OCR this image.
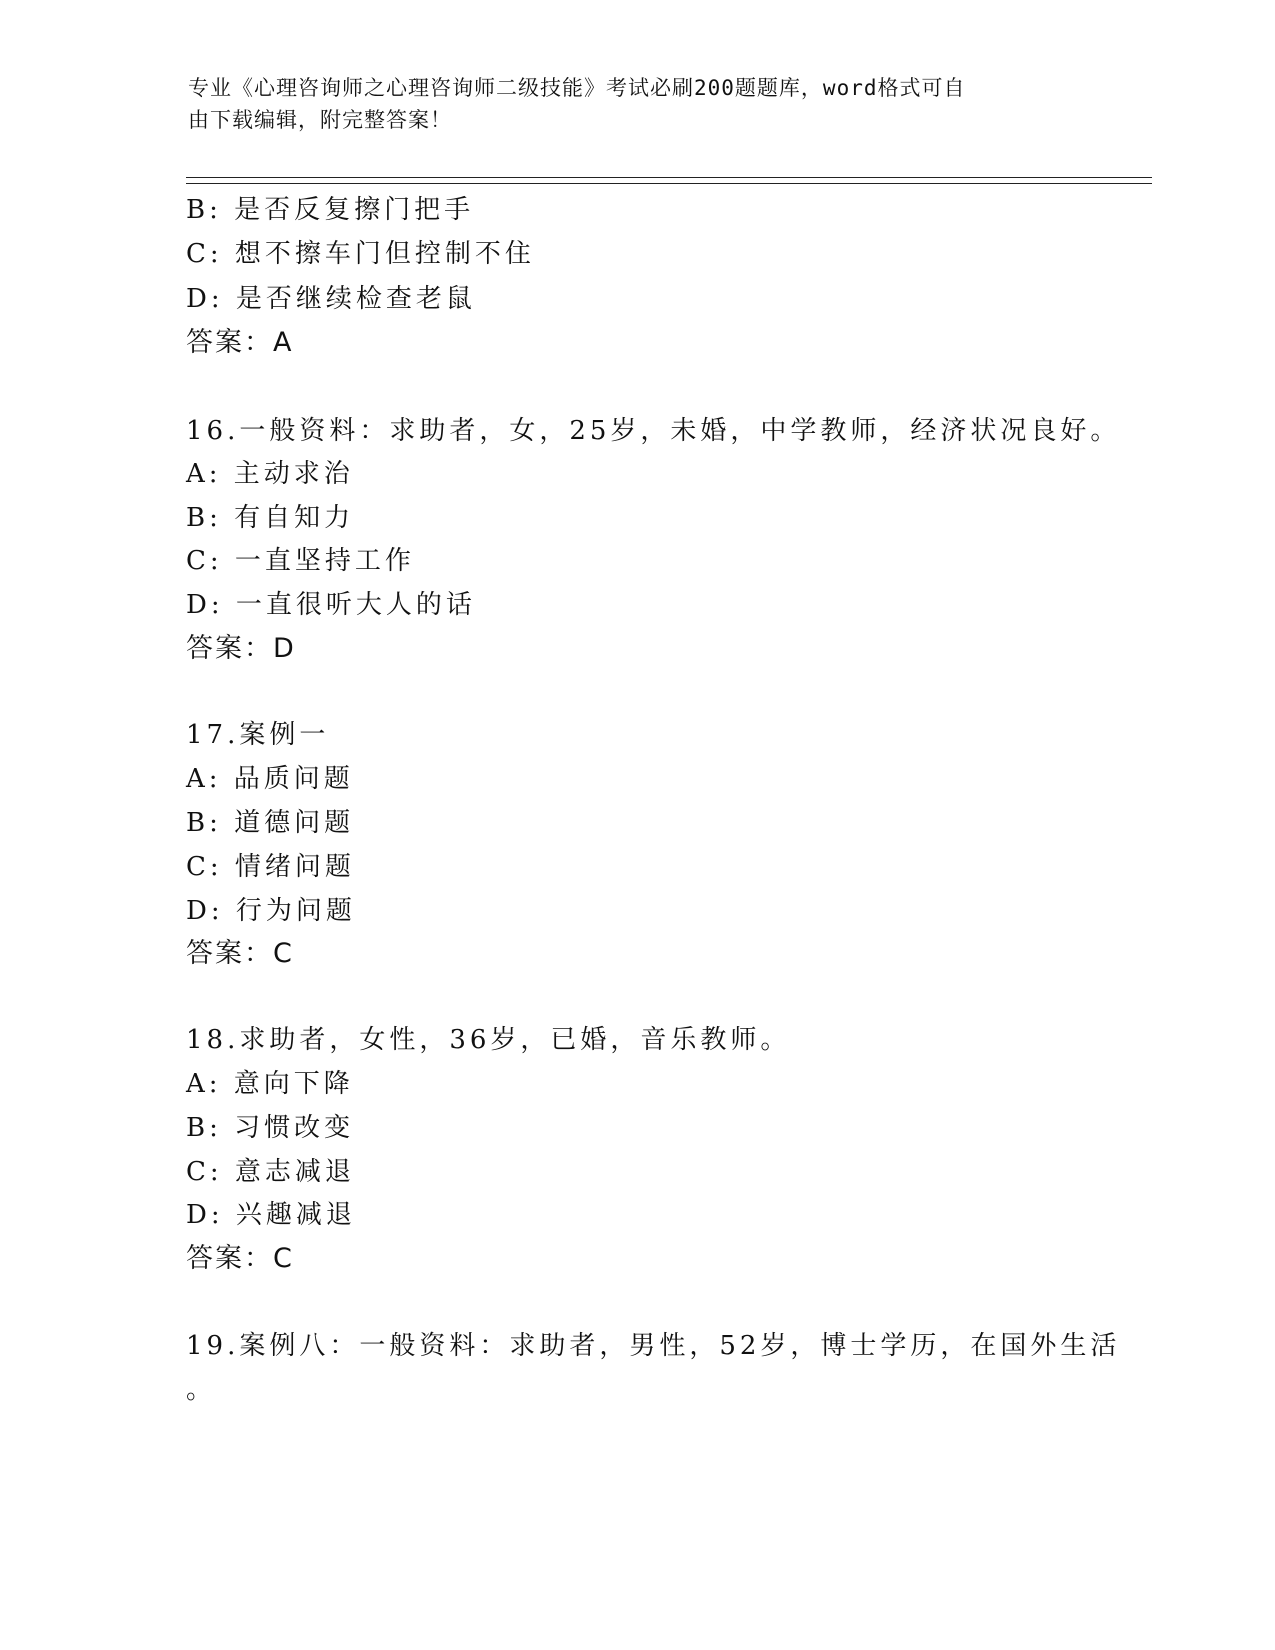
专业《心理咨询师之心理咨询师二级技能》考试必刷200题题库，word格式可自
由下载编辑，附完整答案！
B: 是否反复擦门把手
C: 想不擦车门但控制不住
D: 是否继续检查老鼠
答案：A
16.一般资料：求助者，女，25岁，未婚，中学教师，经济状况良好。
A: 主动求治
B: 有自知力
C: 一直坚持工作
D: 一直很听大人的话
答案：D
17.案例一
A: 品质问题
B: 道德问题
C: 情绪问题
D: 行为问题
答案：C
18.求助者，女性，36岁，已婚，音乐教师。
A: 意向下降
B: 习惯改变
C: 意志减退
D: 兴趣减退
答案：C
19.案例八：一般资料：求助者，男性，52岁，博士学历，在国外生活
。
